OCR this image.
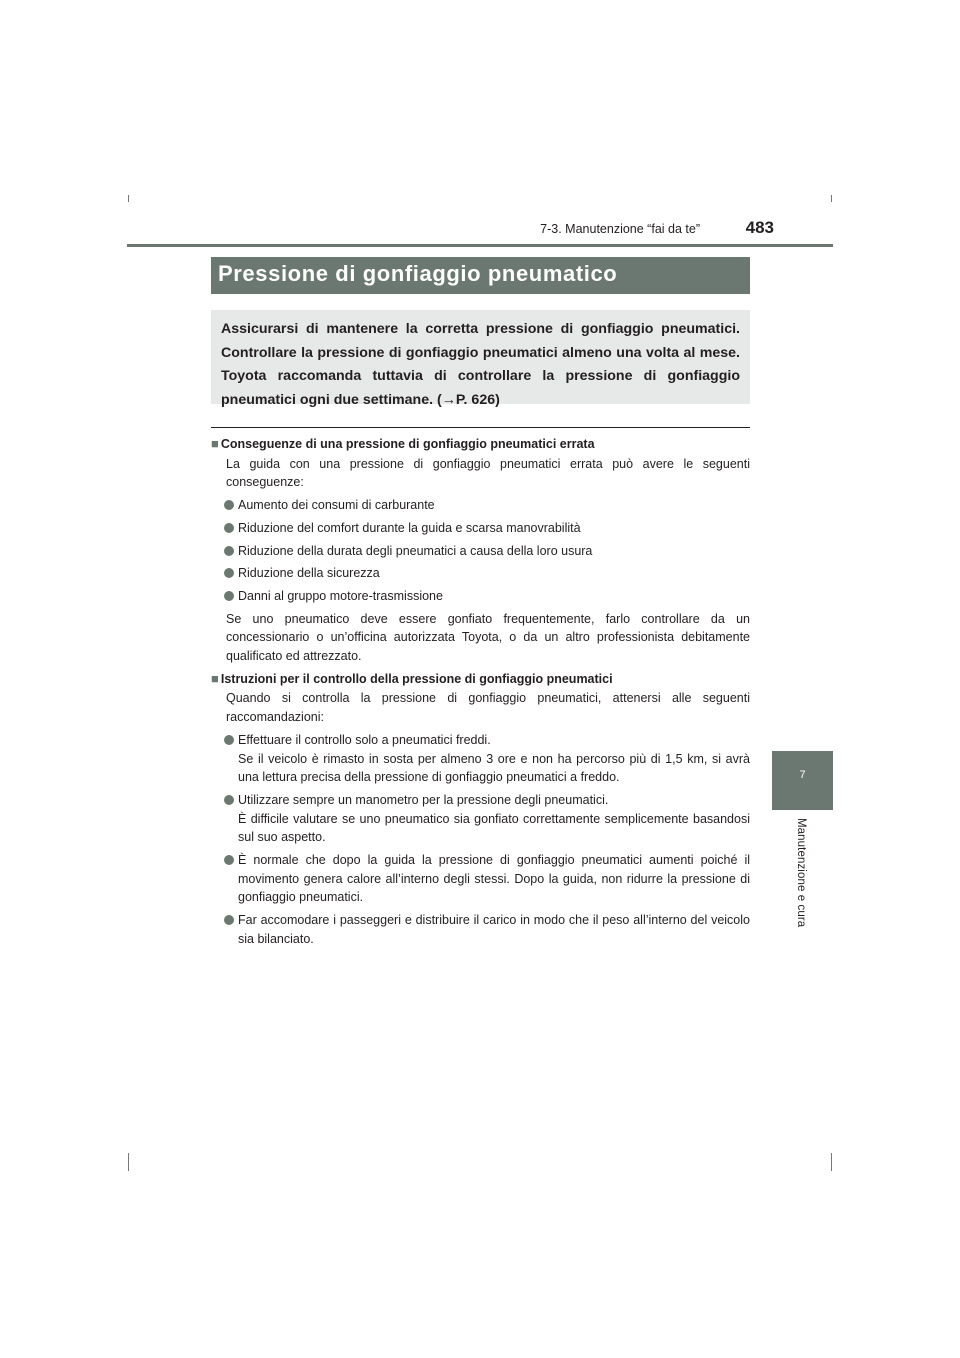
7-3. Manutenzione “fai da te”	483
7
Manutenzione e cura
Pressione di gonfiaggio pneumatico
Assicurarsi di mantenere la corretta pressione di gonfiaggio pneumatici. Controllare la pressione di gonfiaggio pneumatici almeno una volta al mese. Toyota raccomanda tuttavia di controllare la pressione di gonfiaggio pneumatici ogni due settimane. (→P. 626)

■ Conseguenze di una pressione di gonfiaggio pneumatici errata

La guida con una pressione di gonfiaggio pneumatici errata può avere le seguenti conseguenze:

Aumento dei consumi di carburante

Riduzione del comfort durante la guida e scarsa manovrabilità

Riduzione della durata degli pneumatici a causa della loro usura

Riduzione della sicurezza

Danni al gruppo motore-trasmissione

Se uno pneumatico deve essere gonfiato frequentemente, farlo controllare da un concessionario o un’officina autorizzata Toyota, o da un altro professionista debitamente qualificato ed attrezzato.

■ Istruzioni per il controllo della pressione di gonfiaggio pneumatici

Quando si controlla la pressione di gonfiaggio pneumatici, attenersi alle seguenti raccomandazioni:

Effettuare il controllo solo a pneumatici freddi.

Se il veicolo è rimasto in sosta per almeno 3 ore e non ha percorso più di 1,5 km, si avrà una lettura precisa della pressione di gonfiaggio pneumatici a freddo.

Utilizzare sempre un manometro per la pressione degli pneumatici.

È difficile valutare se uno pneumatico sia gonfiato correttamente semplicemente basandosi sul suo aspetto.

È normale che dopo la guida la pressione di gonfiaggio pneumatici aumenti poiché il movimento genera calore all’interno degli stessi. Dopo la guida, non ridurre la pressione di gonfiaggio pneumatici.

Far accomodare i passeggeri e distribuire il carico in modo che il peso all’interno del veicolo sia bilanciato.
